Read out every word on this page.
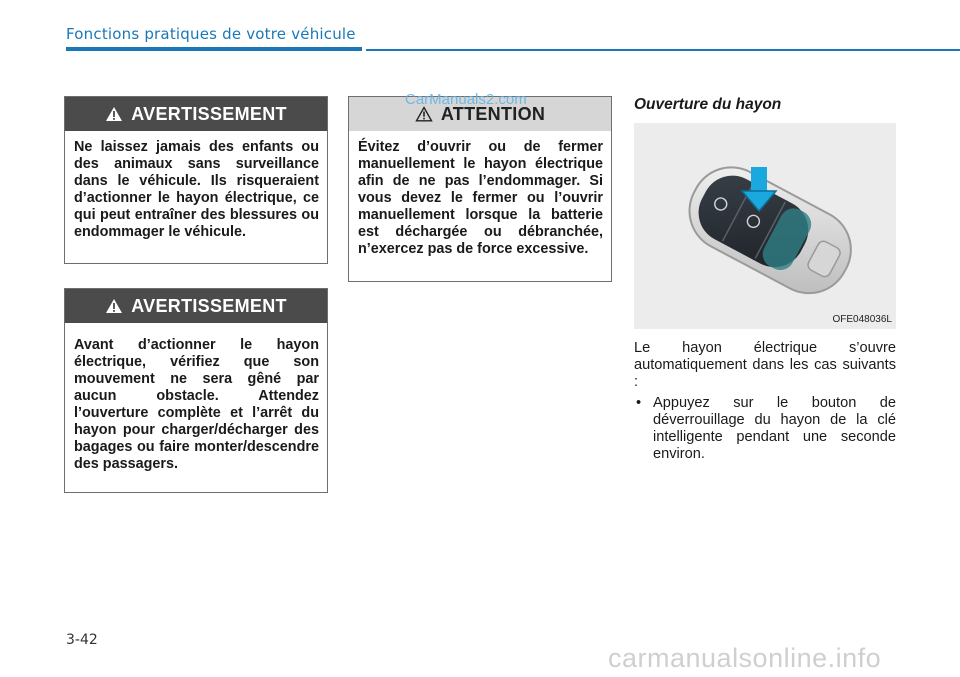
Fonctions pratiques de votre véhicule
AVERTISSEMENT
Ne laissez jamais des enfants ou des animaux sans surveillance dans le véhicule. Ils risqueraient d’actionner le hayon électrique, ce qui peut entraîner des blessures ou endommager le véhicule.
AVERTISSEMENT
Avant d’actionner le hayon électrique, vérifiez que son mouvement ne sera gêné par aucun obstacle. Attendez l’ouverture complète et l’arrêt du hayon pour charger/décharger des bagages ou faire monter/descendre des passagers.
ATTENTION
Évitez d’ouvrir ou de fermer manuellement le hayon électrique afin de ne pas l’endommager. Si vous devez le fermer ou l’ouvrir manuellement lorsque la batterie est déchargée ou débranchée, n’exercez pas de force excessive.
CarManuals2.com	Ouverture du hayon
OFE048036L
Le hayon électrique s’ouvre automatiquement dans les cas suivants :
• Appuyez sur le bouton de déverrouillage du hayon de la clé intelligente pendant une seconde environ.
3-42
carmanualsonline.info
